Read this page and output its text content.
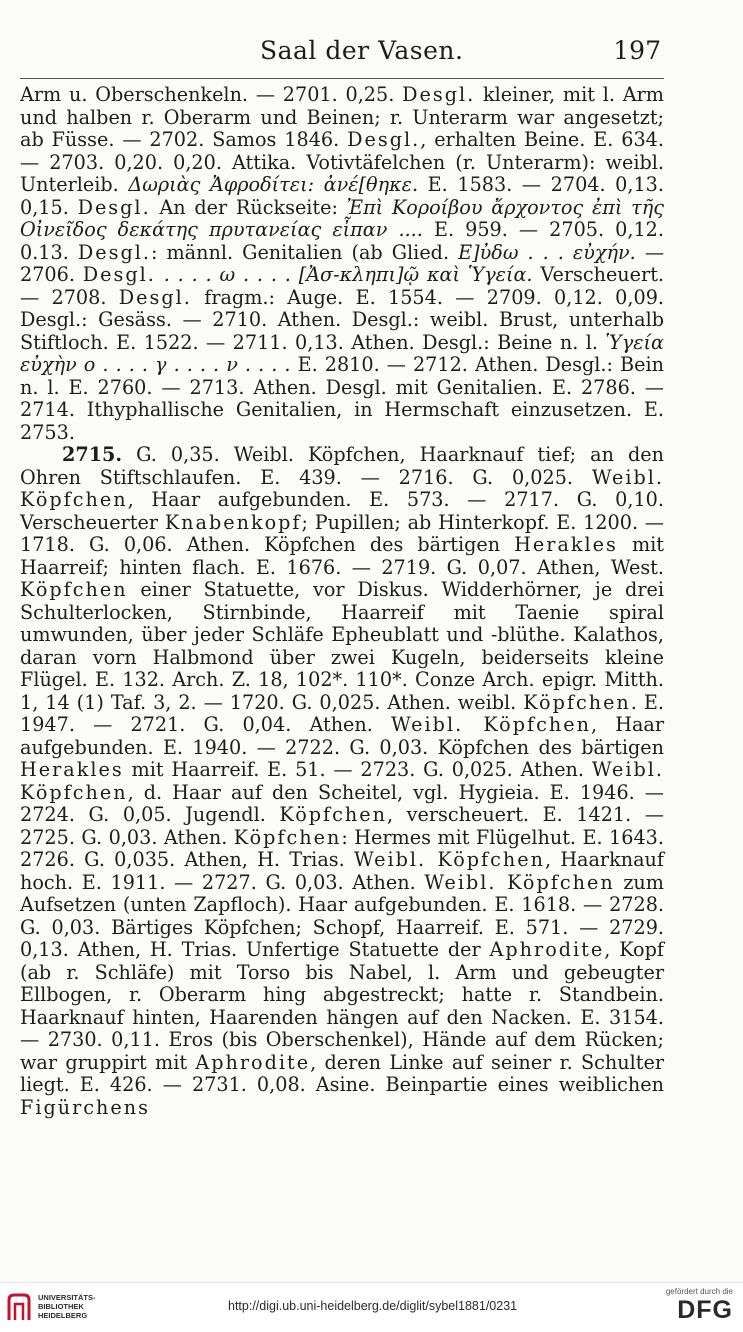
Saal der Vasen.	197

Arm u. Oberschenkeln. — 2701. 0,25. Desgl. kleiner, mit l. Arm und halben r. Oberarm und Beinen; r. Unterarm war angesetzt; ab Füsse. — 2702. Samos 1846. Desgl., erhalten Beine. E. 634. — 2703. 0,20. 0,20. Attika. Votivtäfelchen (r. Unterarm): weibl. Unterleib. Δωριὰς Ἀφροδίτει: ἀνέ[θηκε. E. 1583. — 2704. 0,13. 0,15. Desgl. An der Rückseite: Ἐπὶ Κοροίβου ἄρχοντος ἐπὶ τῆς Οἰνεῖδος δεκάτης πρυτανείας εἶπαν .... E. 959. — 2705. 0,12. 0.13. Desgl.: männl. Genitalien (ab Glied. E]ὐδω . . . εὐχήν. — 2706. Desgl. . . . . ω . . . . [Ἀσ-κληπι]ῷ καὶ Ὑγεία. Verscheuert. — 2708. Desgl. fragm.: Auge. E. 1554. — 2709. 0,12. 0,09. Desgl.: Gesäss. — 2710. Athen. Desgl.: weibl. Brust, unterhalb Stiftloch. E. 1522. — 2711. 0,13. Athen. Desgl.: Beine n. l. Ὑγεία εὐχὴν ο . . . . γ . . . . ν . . . . E. 2810. — 2712. Athen. Desgl.: Bein n. l. E. 2760. — 2713. Athen. Desgl. mit Genitalien. E. 2786. — 2714. Ithyphallische Genitalien, in Hermschaft einzusetzen. E. 2753.

2715. G. 0,35. Weibl. Köpfchen, Haarknauf tief; an den Ohren Stiftschlaufen. E. 439. — 2716. G. 0,025. Weibl. Köpfchen, Haar aufgebunden. E. 573. — 2717. G. 0,10. Verscheuerter Knabenkopf; Pupillen; ab Hinterkopf. E. 1200. — 1718. G. 0,06. Athen. Köpfchen des bärtigen Herakles mit Haarreif; hinten flach. E. 1676. — 2719. G. 0,07. Athen, West. Köpfchen einer Statuette, vor Diskus. Widderhörner, je drei Schulterlocken, Stirnbinde, Haarreif mit Taenie spiral umwunden, über jeder Schläfe Epheublatt und -blüthe. Kalathos, daran vorn Halbmond über zwei Kugeln, beiderseits kleine Flügel. E. 132. Arch. Z. 18, 102*. 110*. Conze Arch. epigr. Mitth. 1, 14 (1) Taf. 3, 2. — 1720. G. 0,025. Athen. weibl. Köpfchen. E. 1947. — 2721. G. 0,04. Athen. Weibl. Köpfchen, Haar aufgebunden. E. 1940. — 2722. G. 0,03. Köpfchen des bärtigen Herakles mit Haarreif. E. 51. — 2723. G. 0,025. Athen. Weibl. Köpfchen, d. Haar auf den Scheitel, vgl. Hygieia. E. 1946. — 2724. G. 0,05. Jugendl. Köpfchen, verscheuert. E. 1421. — 2725. G. 0,03. Athen. Köpfchen: Hermes mit Flügelhut. E. 1643. 2726. G. 0,035. Athen, H. Trias. Weibl. Köpfchen, Haarknauf hoch. E. 1911. — 2727. G. 0,03. Athen. Weibl. Köpfchen zum Aufsetzen (unten Zapfloch). Haar aufgebunden. E. 1618. — 2728. G. 0,03. Bärtiges Köpfchen; Schopf, Haarreif. E. 571. — 2729. 0,13. Athen, H. Trias. Unfertige Statuette der Aphrodite, Kopf (ab r. Schläfe) mit Torso bis Nabel, l. Arm und gebeugter Ellbogen, r. Oberarm hing abgestreckt; hatte r. Standbein. Haarknauf hinten, Haarenden hängen auf den Nacken. E. 3154. — 2730. 0,11. Eros (bis Oberschenkel), Hände auf dem Rücken; war gruppirt mit Aphrodite, deren Linke auf seiner r. Schulter liegt. E. 426. — 2731. 0,08. Asine. Beinpartie eines weiblichen Figürchens

UNIVERSITÄTS-
BIBLIOTHEK
HEIDELBERG
http://digi.ub.uni-heidelberg.de/diglit/sybel1881/0231
gefördert durch die
DFG
